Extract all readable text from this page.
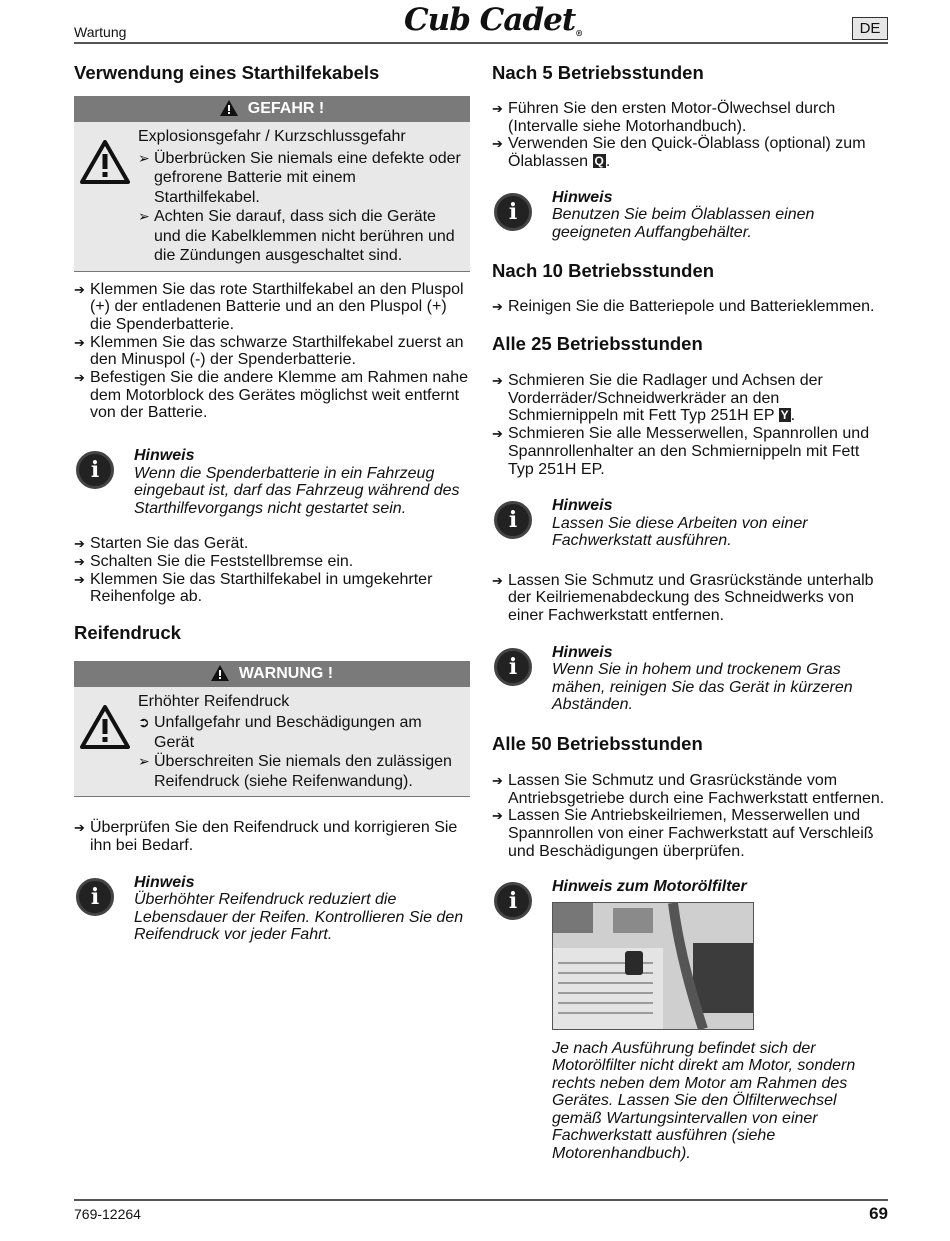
Wartung	Cub Cadet®	DE
Verwendung eines Starthilfekabels
GEFAHR !
Explosionsgefahr / Kurzschlussgefahr
➢ Überbrücken Sie niemals eine defekte oder gefrorene Batterie mit einem Starthilfekabel.
➢ Achten Sie darauf, dass sich die Geräte und die Kabelklemmen nicht berühren und die Zündungen ausgeschaltet sind.
➔ Klemmen Sie das rote Starthilfekabel an den Pluspol (+) der entladenen Batterie und an den Pluspol (+) die Spenderbatterie.
➔ Klemmen Sie das schwarze Starthilfekabel zuerst an den Minuspol (-) der Spenderbatterie.
➔ Befestigen Sie die andere Klemme am Rahmen nahe dem Motorblock des Gerätes möglichst weit entfernt von der Batterie.
i
Hinweis
Wenn die Spenderbatterie in ein Fahrzeug eingebaut ist, darf das Fahrzeug während des Starthilfevorgangs nicht gestartet sein.
➔ Starten Sie das Gerät.
➔ Schalten Sie die Feststellbremse ein.
➔ Klemmen Sie das Starthilfekabel in umgekehrter Reihenfolge ab.
Reifendruck
WARNUNG !
Erhöhter Reifendruck
➲ Unfallgefahr und Beschädigungen am Gerät
➢ Überschreiten Sie niemals den zulässigen Reifendruck (siehe Reifenwandung).
➔ Überprüfen Sie den Reifendruck und korrigieren Sie ihn bei Bedarf.
i
Hinweis
Überhöhter Reifendruck reduziert die Lebensdauer der Reifen. Kontrollieren Sie den Reifendruck vor jeder Fahrt.
Nach 5 Betriebsstunden
➔ Führen Sie den ersten Motor-Ölwechsel durch (Intervalle siehe Motorhandbuch).
➔ Verwenden Sie den Quick-Ölablass (optional) zum Ölablassen Q .
i
Hinweis
Benutzen Sie beim Ölablassen einen geeigneten Auffangbehälter.
Nach 10 Betriebsstunden
➔ Reinigen Sie die Batteriepole und Batterieklemmen.
Alle 25 Betriebsstunden
➔ Schmieren Sie die Radlager und Achsen der Vorderräder/Schneidwerkräder an den Schmiernippeln mit Fett Typ 251H EP Y .
➔ Schmieren Sie alle Messerwellen, Spannrollen und Spannrollenhalter an den Schmiernippeln mit Fett Typ 251H EP.
i
Hinweis
Lassen Sie diese Arbeiten von einer Fachwerkstatt ausführen.
➔ Lassen Sie Schmutz und Grasrückstände unterhalb der Keilriemenabdeckung des Schneidwerks von einer Fachwerkstatt entfernen.
i
Hinweis
Wenn Sie in hohem und trockenem Gras mähen, reinigen Sie das Gerät in kürzeren Abständen.
Alle 50 Betriebsstunden
➔ Lassen Sie Schmutz und Grasrückstände vom Antriebsgetriebe durch eine Fachwerkstatt entfernen.
➔ Lassen Sie Antriebskeilriemen, Messerwellen und Spannrollen von einer Fachwerkstatt auf Verschleiß und Beschädigungen überprüfen.
i
Hinweis zum Motorölfilter
Je nach Ausführung befindet sich der Motorölfilter nicht direkt am Motor, sondern rechts neben dem Motor am Rahmen des Gerätes. Lassen Sie den Ölfilterwechsel gemäß Wartungsintervallen von einer Fachwerkstatt ausführen (siehe Motorenhandbuch).
769-12264	69
